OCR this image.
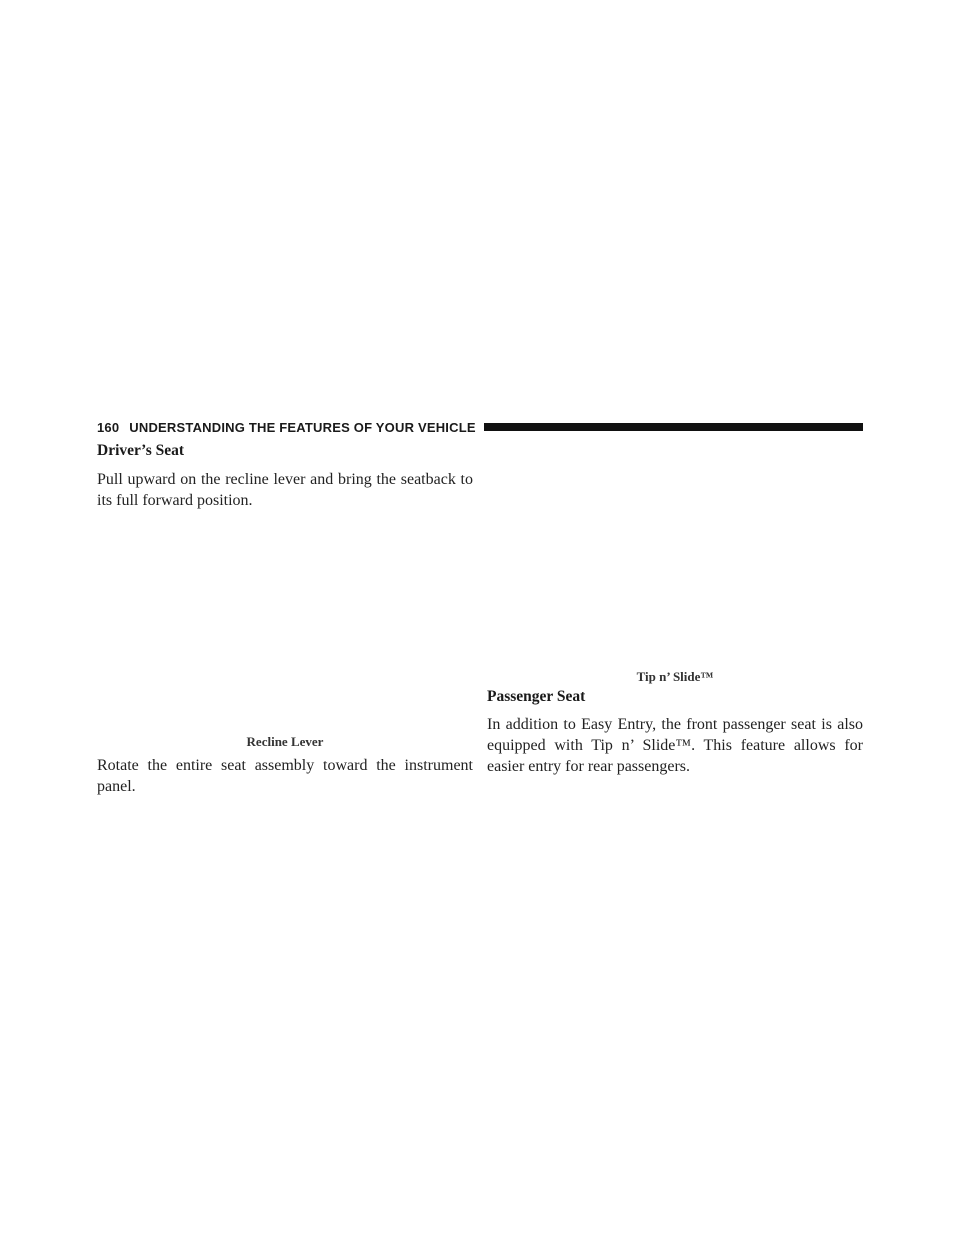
160 UNDERSTANDING THE FEATURES OF YOUR VEHICLE
Driver’s Seat

Pull upward on the recline lever and bring the seatback to its full forward position.

Recline Lever

Rotate the entire seat assembly toward the instrument panel.

Tip n’ Slide™
Passenger Seat

In addition to Easy Entry, the front passenger seat is also equipped with Tip n’ Slide™. This feature allows for easier entry for rear passengers.
